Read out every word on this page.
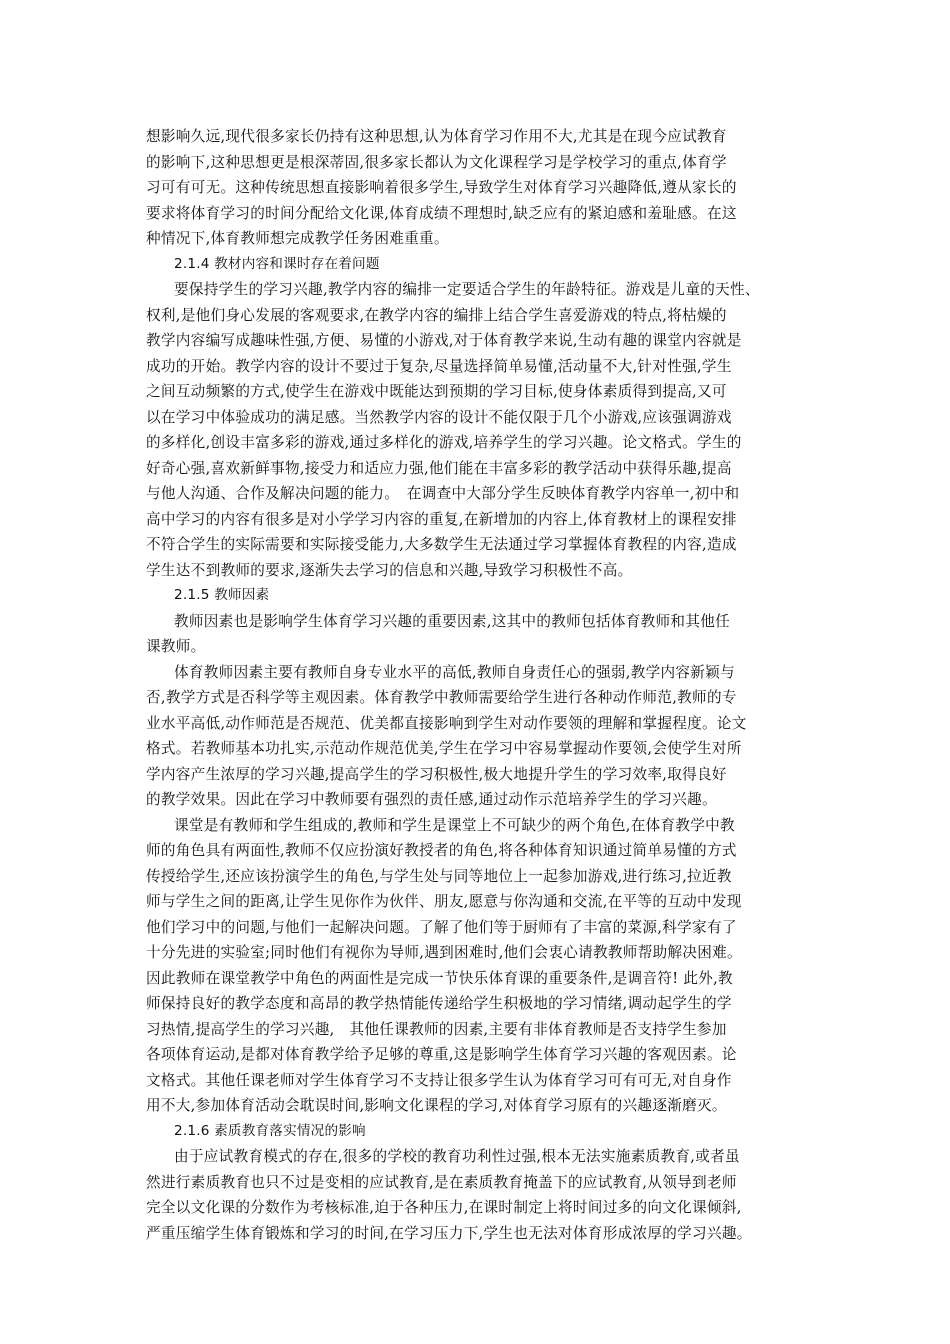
想影响久远,现代很多家长仍持有这种思想,认为体育学习作用不大,尤其是在现今应试教育
的影响下,这种思想更是根深蒂固,很多家长都认为文化课程学习是学校学习的重点,体育学
习可有可无。这种传统思想直接影响着很多学生,导致学生对体育学习兴趣降低,遵从家长的
要求将体育学习的时间分配给文化课,体育成绩不理想时,缺乏应有的紧迫感和羞耻感。在这
种情况下,体育教师想完成教学任务困难重重。
2.1.4 教材内容和课时存在着问题
要保持学生的学习兴趣,教学内容的编排一定要适合学生的年龄特征。游戏是儿童的天性、
权利,是他们身心发展的客观要求,在教学内容的编排上结合学生喜爱游戏的特点,将枯燥的
教学内容编写成趣味性强,方便、易懂的小游戏,对于体育教学来说,生动有趣的课堂内容就是
成功的开始。教学内容的设计不要过于复杂,尽量选择简单易懂,活动量不大,针对性强,学生
之间互动频繁的方式,使学生在游戏中既能达到预期的学习目标,使身体素质得到提高,又可
以在学习中体验成功的满足感。当然教学内容的设计不能仅限于几个小游戏,应该强调游戏
的多样化,创设丰富多彩的游戏,通过多样化的游戏,培养学生的学习兴趣。论文格式。学生的
好奇心强,喜欢新鲜事物,接受力和适应力强,他们能在丰富多彩的教学活动中获得乐趣,提高
与他人沟通、合作及解决问题的能力。　在调查中大部分学生反映体育教学内容单一,初中和
高中学习的内容有很多是对小学学习内容的重复,在新增加的内容上,体育教材上的课程安排
不符合学生的实际需要和实际接受能力,大多数学生无法通过学习掌握体育教程的内容,造成
学生达不到教师的要求,逐渐失去学习的信息和兴趣,导致学习积极性不高。
2.1.5 教师因素
教师因素也是影响学生体育学习兴趣的重要因素,这其中的教师包括体育教师和其他任
课教师。
体育教师因素主要有教师自身专业水平的高低,教师自身责任心的强弱,教学内容新颖与
否,教学方式是否科学等主观因素。体育教学中教师需要给学生进行各种动作师范,教师的专
业水平高低,动作师范是否规范、优美都直接影响到学生对动作要领的理解和掌握程度。论文
格式。若教师基本功扎实,示范动作规范优美,学生在学习中容易掌握动作要领,会使学生对所
学内容产生浓厚的学习兴趣,提高学生的学习积极性,极大地提升学生的学习效率,取得良好
的教学效果。因此在学习中教师要有强烈的责任感,通过动作示范培养学生的学习兴趣。
课堂是有教师和学生组成的,教师和学生是课堂上不可缺少的两个角色,在体育教学中教
师的角色具有两面性,教师不仅应扮演好教授者的角色,将各种体育知识通过简单易懂的方式
传授给学生,还应该扮演学生的角色,与学生处与同等地位上一起参加游戏,进行练习,拉近教
师与学生之间的距离,让学生见你作为伙伴、朋友,愿意与你沟通和交流,在平等的互动中发现
他们学习中的问题,与他们一起解决问题。了解了他们等于厨师有了丰富的菜源,科学家有了
十分先进的实验室;同时他们有视你为导师,遇到困难时,他们会衷心请教教师帮助解决困难。
因此教师在课堂教学中角色的两面性是完成一节快乐体育课的重要条件,是调音符! 此外,教
师保持良好的教学态度和高昂的教学热情能传递给学生积极地的学习情绪,调动起学生的学
习热情,提高学生的学习兴趣,　其他任课教师的因素,主要有非体育教师是否支持学生参加
各项体育运动,是都对体育教学给予足够的尊重,这是影响学生体育学习兴趣的客观因素。论
文格式。其他任课老师对学生体育学习不支持让很多学生认为体育学习可有可无,对自身作
用不大,参加体育活动会耽误时间,影响文化课程的学习,对体育学习原有的兴趣逐渐磨灭。
2.1.6 素质教育落实情况的影响
由于应试教育模式的存在,很多的学校的教育功利性过强,根本无法实施素质教育,或者虽
然进行素质教育也只不过是变相的应试教育,是在素质教育掩盖下的应试教育,从领导到老师
完全以文化课的分数作为考核标准,迫于各种压力,在课时制定上将时间过多的向文化课倾斜,
严重压缩学生体育锻炼和学习的时间,在学习压力下,学生也无法对体育形成浓厚的学习兴趣。
